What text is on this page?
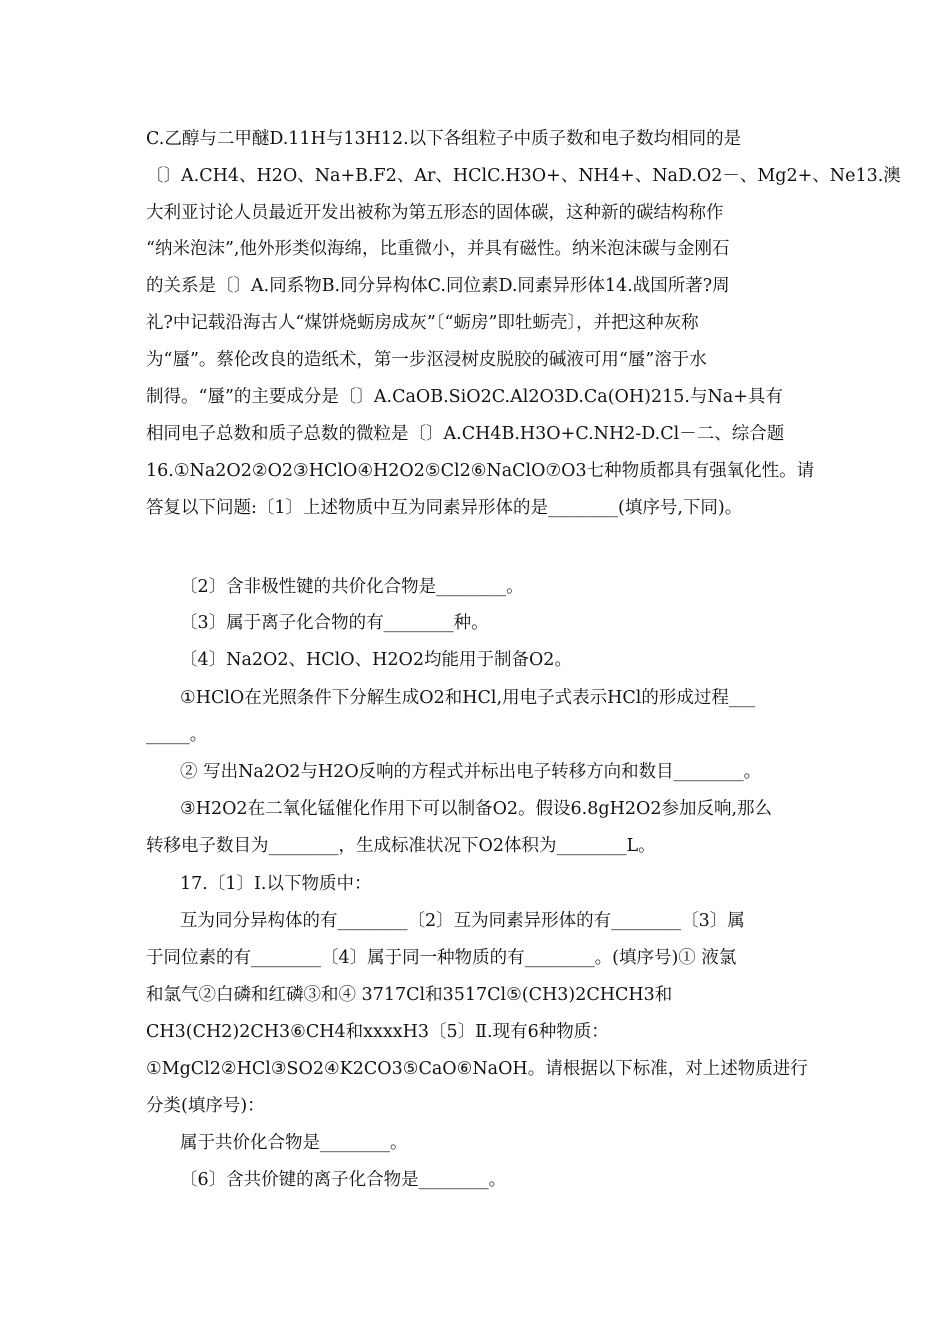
C.乙醇与二甲醚D.11H与13H12.以下各组粒子中质子数和电子数均相同的是
〔〕A.CH4、H2O、Na+B.F2、Ar、HClC.H3O+、NH4+、NaD.O2－、Mg2+、Ne13.澳
大利亚讨论人员最近开发出被称为第五形态的固体碳，这种新的碳结构称作
“纳米泡沫”,他外形类似海绵，比重微小，并具有磁性。纳米泡沫碳与金刚石
的关系是〔〕A.同系物B.同分异构体C.同位素D.同素异形体14.战国所著?周
礼?中记载沿海古人“煤饼烧蛎房成灰”〔“蛎房”即牡蛎壳〕，并把这种灰称
为“蜃”。蔡伦改良的造纸术，第一步沤浸树皮脱胶的碱液可用“蜃”溶于水
制得。“蜃”的主要成分是〔〕A.CaOB.SiO2C.Al2O3D.Ca(OH)215.与Na+具有
相同电子总数和质子总数的微粒是〔〕A.CH4B.H3O+C.NH2-D.Cl－二、综合题
16.①Na2O2②O2③HClO④H2O2⑤Cl2⑥NaClO⑦O3七种物质都具有强氧化性。请
答复以下问题:〔1〕上述物质中互为同素异形体的是________(填序号,下同)。
〔2〕含非极性键的共价化合物是________。
〔3〕属于离子化合物的有________种。
〔4〕Na2O2、HClO、H2O2均能用于制备O2。
①HClO在光照条件下分解生成O2和HCl,用电子式表示HCl的形成过程___
_____。
② 写出Na2O2与H2O反响的方程式并标出电子转移方向和数目________。
③H2O2在二氧化锰催化作用下可以制备O2。假设6.8gH2O2参加反响,那么
转移电子数目为________，生成标准状况下O2体积为________L。
17.〔1〕Ⅰ.以下物质中：
互为同分异构体的有________〔2〕互为同素异形体的有________〔3〕属
于同位素的有________〔4〕属于同一种物质的有________。(填序号)① 液氯
和氯气②白磷和红磷③和④ 3717Cl和3517Cl⑤(CH3)2CHCH3和
CH3(CH2)2CH3⑥CH4和xxxxH3〔5〕Ⅱ.现有6种物质：
①MgCl2②HCl③SO2④K2CO3⑤CaO⑥NaOH。请根据以下标准，对上述物质进行
分类(填序号)：
属于共价化合物是________。
〔6〕含共价键的离子化合物是________。
